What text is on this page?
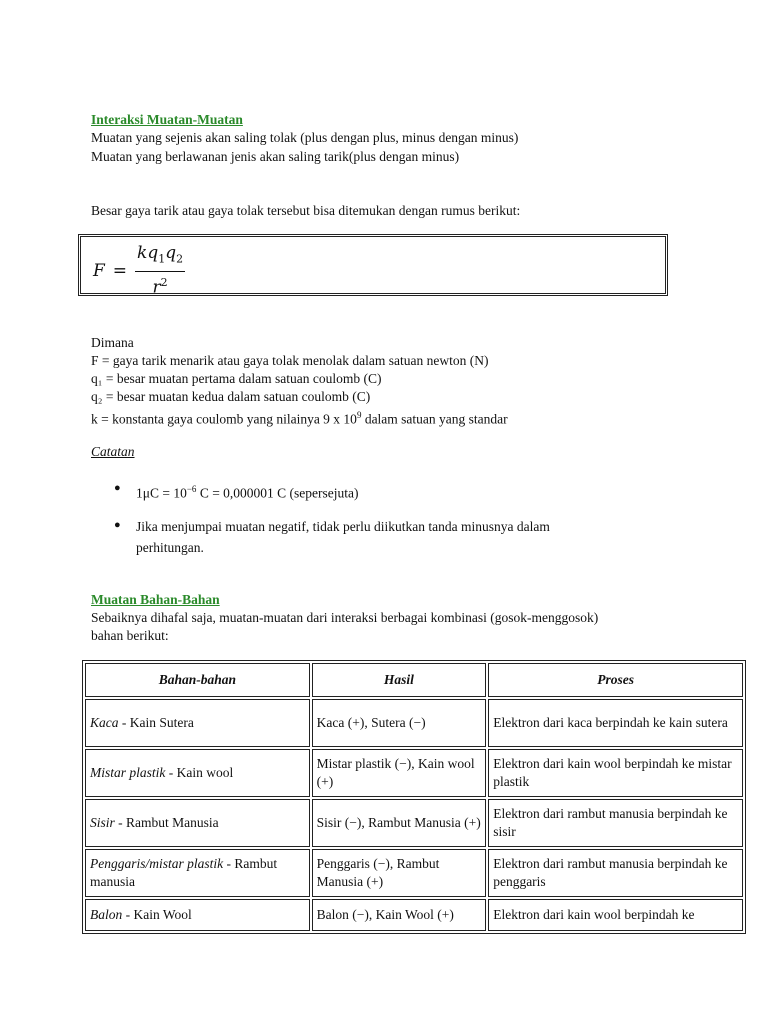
Interaksi Muatan-Muatan
Muatan yang sejenis akan saling tolak (plus dengan plus, minus dengan minus)
Muatan yang berlawanan jenis akan saling tarik(plus dengan minus)
Besar gaya tarik atau gaya tolak tersebut bisa ditemukan dengan rumus berikut:
$F = \frac{kq_1q_2}{r^2}$
Dimana
F = gaya tarik menarik atau gaya tolak menolak dalam satuan newton (N)
q₁ = besar muatan pertama dalam satuan coulomb (C)
q₂ = besar muatan kedua dalam satuan coulomb (C)
k = konstanta gaya coulomb yang nilainya 9 x $10^9$ dalam satuan yang standar
Catatan
● $1\mu C = 10^{-6}$ C = 0,000001 C (sepersejuta)
● Jika menjumpai muatan negatif, tidak perlu diikutkan tanda minusnya dalam perhitungan.
Muatan Bahan-Bahan
Sebaiknya dihafal saja, muatan-muatan dari interaksi berbagai kombinasi (gosok-menggosok)
bahan berikut:
Bahan-bahan	Hasil	Proses
Kaca - Kain Sutera	Kaca (+), Sutera (−)	Elektron dari kaca berpindah ke kain sutera
Mistar plastik - Kain wool	Mistar plastik (−), Kain wool (+)	Elektron dari kain wool berpindah ke mistar plastik
Sisir - Rambut Manusia	Sisir (−), Rambut Manusia (+)	Elektron dari rambut manusia berpindah ke sisir
Penggaris/mistar plastik - Rambut manusia	Penggaris (−), Rambut Manusia (+)	Elektron dari rambut manusia berpindah ke penggaris
Balon - Kain Wool	Balon (−), Kain Wool (+)	Elektron dari kain wool berpindah ke
